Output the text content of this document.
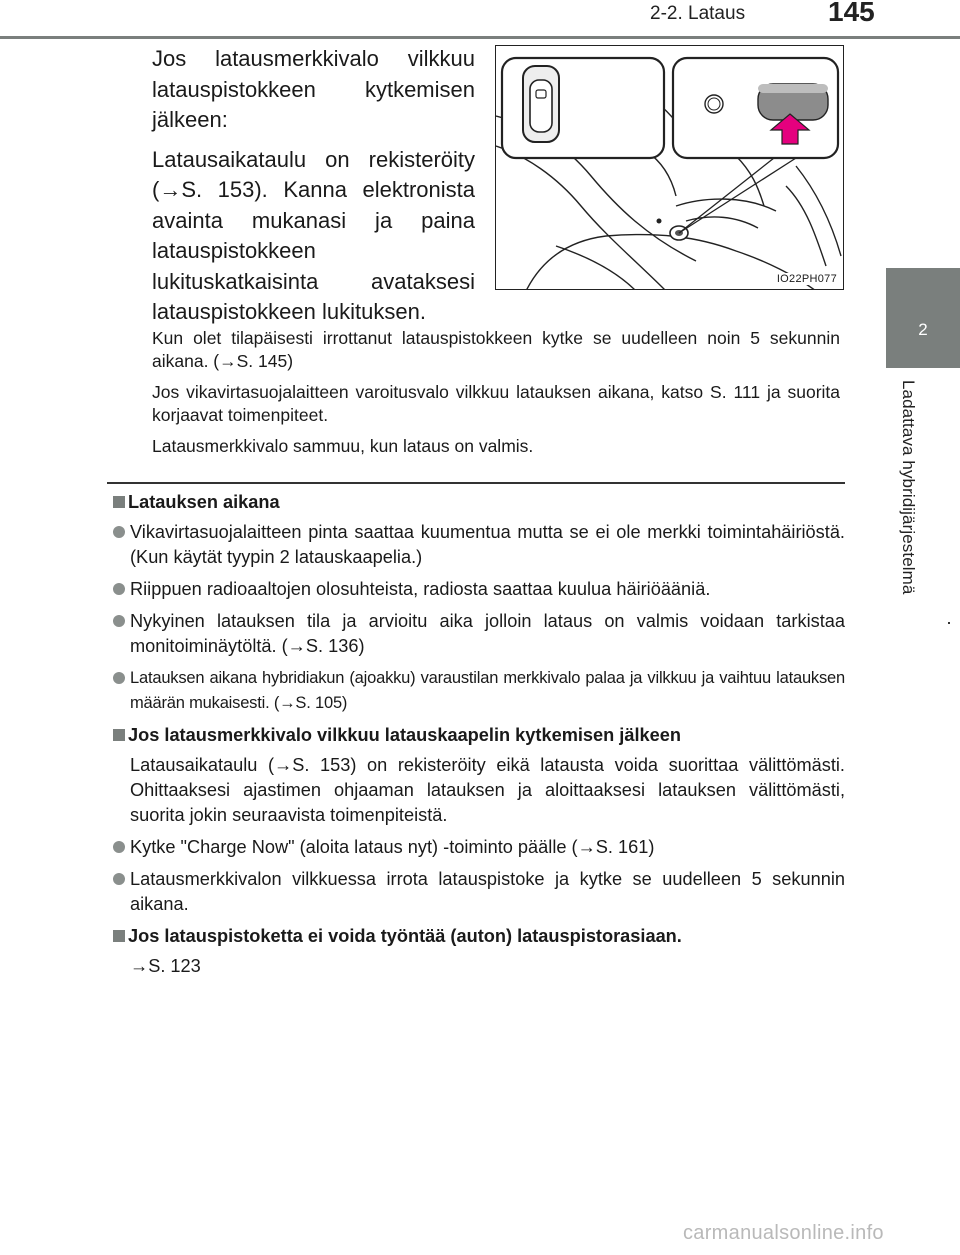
2-2. Lataus	145
2
Ladattava hybridijärjestelmä

Jos latausmerkkivalo vilkkuu latauspistokkeen kytkemisen jälkeen:

Latausaikataulu on rekisteröity (→S. 153). Kanna elektronista avainta mukanasi ja paina latauspistokkeen lukituskatkaisinta avataksesi latauspistokkeen lukituksen.

IO22PH077

Kun olet tilapäisesti irrottanut latauspistokkeen kytke se uudelleen noin 5 sekunnin aikana. (→S. 145)

Jos vikavirtasuojalaitteen varoitusvalo vilkkuu latauksen aikana, katso S. 111 ja suorita korjaavat toimenpiteet.

Latausmerkkivalo sammuu, kun lataus on valmis.

Latauksen aikana
Vikavirtasuojalaitteen pinta saattaa kuumentua mutta se ei ole merkki toimintahäiriöstä. (Kun käytät tyypin 2 latauskaapelia.)
Riippuen radioaaltojen olosuhteista, radiosta saattaa kuulua häiriöääniä.
Nykyinen latauksen tila ja arvioitu aika jolloin lataus on valmis voidaan tarkistaa monitoiminäytöltä. (→S. 136)
Latauksen aikana hybridiakun (ajoakku) varaustilan merkkivalo palaa ja vilkkuu ja vaihtuu latauksen määrän mukaisesti. (→S. 105)
Jos latausmerkkivalo vilkkuu latauskaapelin kytkemisen jälkeen
Latausaikataulu (→S. 153) on rekisteröity eikä latausta voida suorittaa välittömästi. Ohittaaksesi ajastimen ohjaaman latauksen ja aloittaaksesi latauksen välittömästi, suorita jokin seuraavista toimenpiteistä.
Kytke "Charge Now" (aloita lataus nyt) -toiminto päälle (→S. 161)
Latausmerkkivalon vilkkuessa irrota latauspistoke ja kytke se uudelleen 5 sekunnin aikana.
Jos latauspistoketta ei voida työntää (auton) latauspistorasiaan.
→S. 123
carmanualsonline.info
